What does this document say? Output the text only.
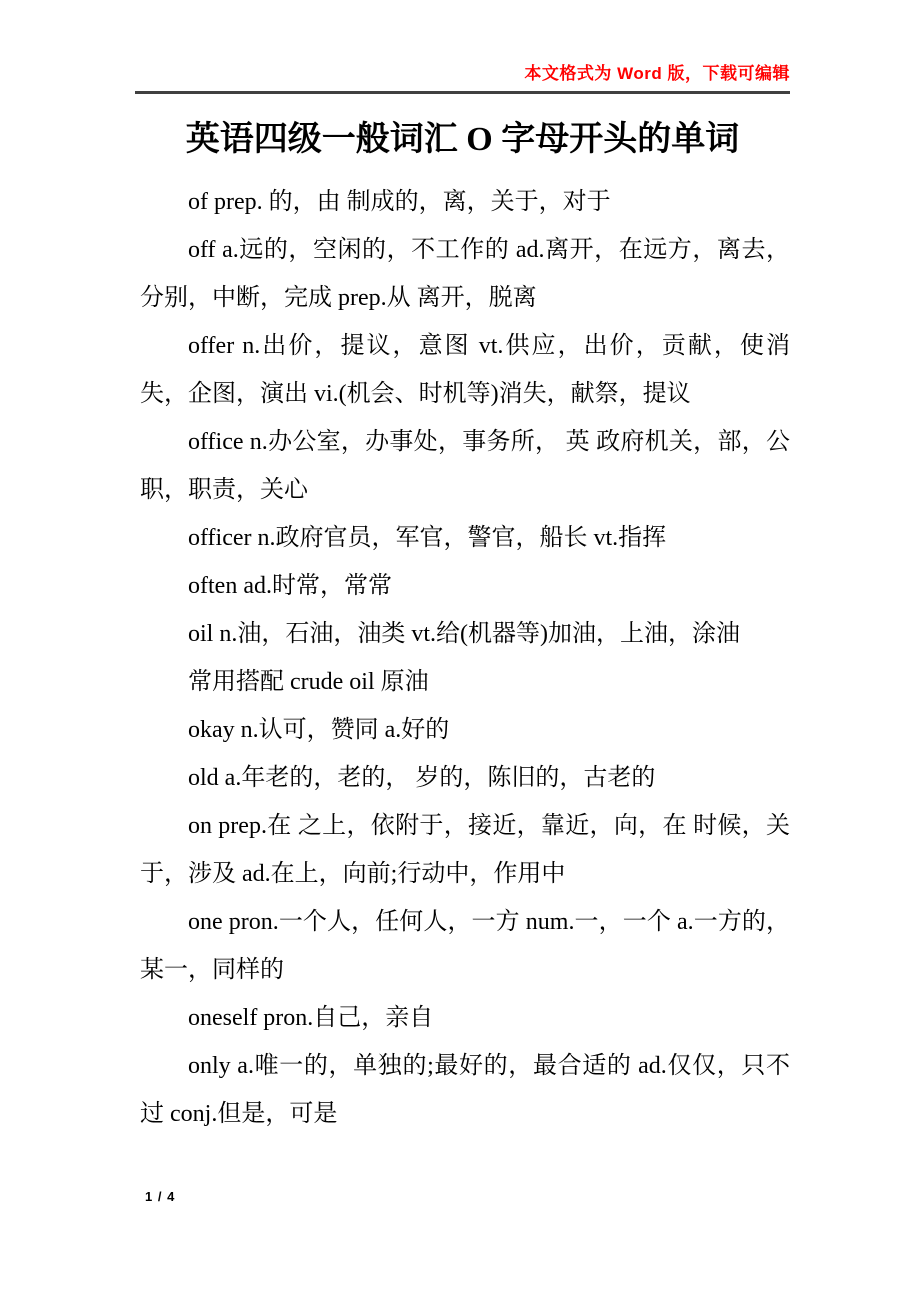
本文格式为 Word 版，下载可编辑
英语四级一般词汇 O 字母开头的单词

of prep. 的，由 制成的，离，关于，对于

off a.远的，空闲的，不工作的 ad.离开，在远方，离去，分别，中断，完成 prep.从 离开，脱离

offer n.出价，提议，意图 vt.供应，出价，贡献，使消失，企图，演出 vi.(机会、时机等)消失，献祭，提议

office n.办公室，办事处，事务所， 英 政府机关，部，公职，职责，关心

officer n.政府官员，军官，警官，船长 vt.指挥

often ad.时常，常常

oil n.油，石油，油类 vt.给(机器等)加油，上油，涂油

常用搭配 crude oil 原油

okay n.认可，赞同 a.好的

old a.年老的，老的， 岁的，陈旧的，古老的

on prep.在 之上，依附于，接近，靠近，向，在 时候，关于，涉及 ad.在上，向前;行动中，作用中

one pron.一个人，任何人，一方 num.一，一个 a.一方的，某一，同样的

oneself pron.自己，亲自

only a.唯一的，单独的;最好的，最合适的 ad.仅仅，只不过 conj.但是，可是

1 / 4
